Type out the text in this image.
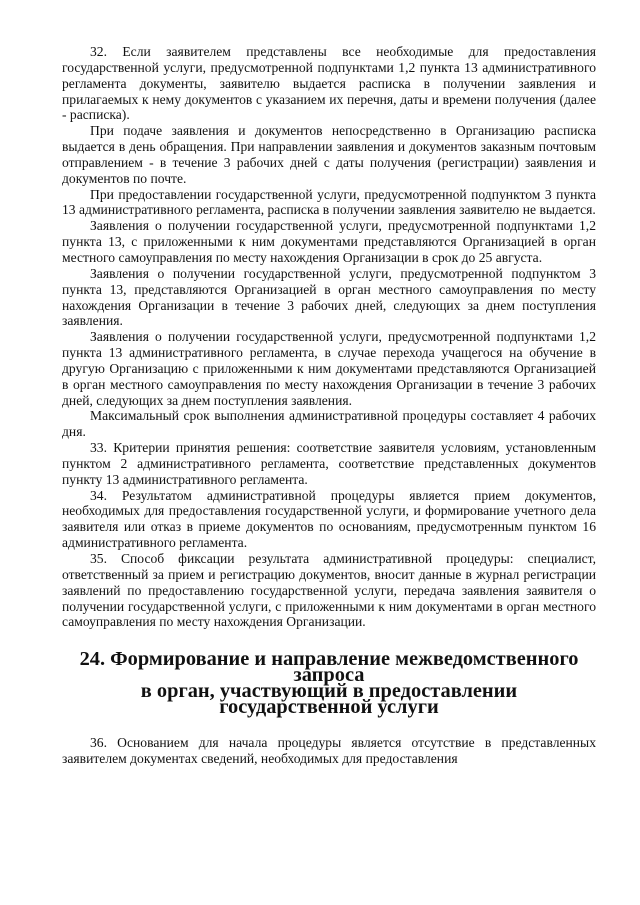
32. Если заявителем представлены все необходимые для предоставления государственной услуги, предусмотренной подпунктами 1,2 пункта 13 административного регламента документы, заявителю выдается расписка в получении заявления и прилагаемых к нему документов с указанием их перечня, даты и времени получения (далее - расписка).

При подаче заявления и документов непосредственно в Организацию расписка выдается в день обращения. При направлении заявления и документов заказным почтовым отправлением - в течение 3 рабочих дней с даты получения (регистрации) заявления и документов по почте.

При предоставлении государственной услуги, предусмотренной подпунктом 3 пункта 13 административного регламента, расписка в получении заявления заявителю не выдается.

Заявления о получении государственной услуги, предусмотренной подпунктами 1,2 пункта 13, с приложенными к ним документами представляются Организацией в орган местного самоуправления по месту нахождения Организации в срок до 25 августа.

Заявления о получении государственной услуги, предусмотренной подпунктом 3 пункта 13, представляются Организацией в орган местного самоуправления по месту нахождения Организации в течение 3 рабочих дней, следующих за днем поступления заявления.

Заявления о получении государственной услуги, предусмотренной подпунктами 1,2 пункта 13 административного регламента, в случае перехода учащегося на обучение в другую Организацию с приложенными к ним документами представляются Организацией в орган местного самоуправления по месту нахождения Организации в течение 3 рабочих дней, следующих за днем поступления заявления.

Максимальный срок выполнения административной процедуры составляет 4 рабочих дня.

33. Критерии принятия решения: соответствие заявителя условиям, установленным пунктом 2 административного регламента, соответствие представленных документов пункту 13 административного регламента.

34. Результатом административной процедуры является прием документов, необходимых для предоставления государственной услуги, и формирование учетного дела заявителя или отказ в приеме документов по основаниям, предусмотренным пунктом 16 административного регламента.

35. Способ фиксации результата административной процедуры: специалист, ответственный за прием и регистрацию документов, вносит данные в журнал регистрации заявлений по предоставлению государственной услуги, передача заявления заявителя о получении государственной услуги, с приложенными к ним документами в орган местного самоуправления по месту нахождения Организации.

24. Формирование и направление межведомственного запроса
в орган, участвующий в предоставлении государственной услуги

36. Основанием для начала процедуры является отсутствие в представленных заявителем документах сведений, необходимых для предоставления
